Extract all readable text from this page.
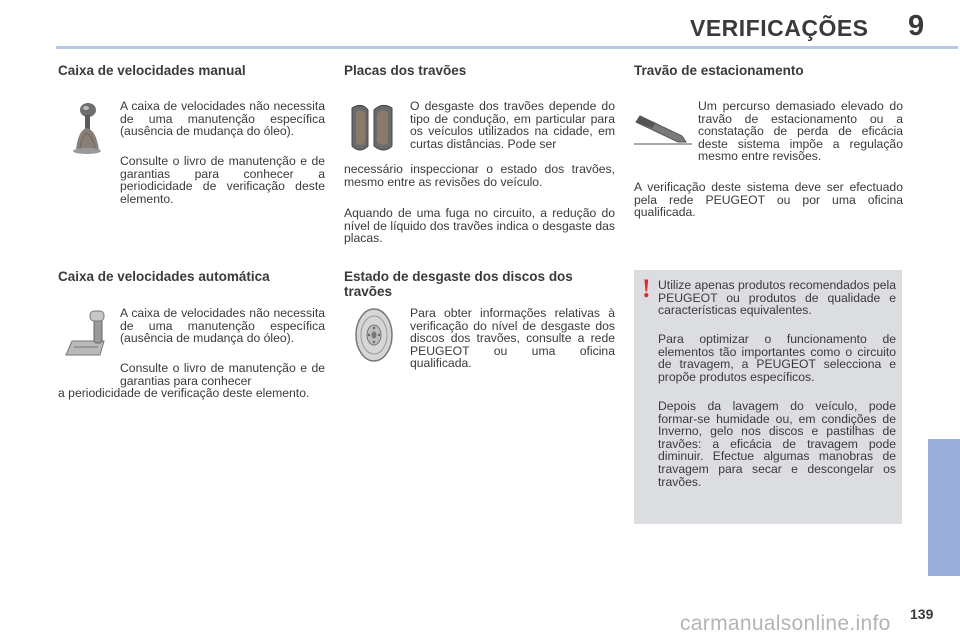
VERIFICAÇÕES 9
Caixa de velocidades manual

A caixa de velocidades não necessita de uma manutenção específica (ausência de mudança do óleo).

Consulte o livro de manutenção e de garantias para conhecer a periodicidade de verificação deste elemento.

Caixa de velocidades automática

A caixa de velocidades não necessita de uma manutenção específica (ausência de mudança do óleo).

Consulte o livro de manutenção e de garantias para conhecer

a periodicidade de verificação deste elemento.

Placas dos travões

O desgaste dos travões depende do tipo de condução, em particular para os veículos utilizados na cidade, em curtas distâncias. Pode ser

necessário inspeccionar o estado dos travões, mesmo entre as revisões do veículo.

Aquando de uma fuga no circuito, a redução do nível de líquido dos travões indica o desgaste das placas.

Estado de desgaste dos discos dos travões

Para obter informações relativas à verificação do nível de desgaste dos discos dos travões, consulte a rede PEUGEOT ou uma oficina qualificada.

Travão de estacionamento

Um percurso demasiado elevado do travão de estacionamento ou a constatação de perda de eficácia deste sistema impõe a regulação mesmo entre revisões.

A verificação deste sistema deve ser efectuado pela rede PEUGEOT ou por uma oficina qualificada.

! Utilize apenas produtos recomendados pela PEUGEOT ou produtos de qualidade e características equivalentes.

Para optimizar o funcionamento de elementos tão importantes como o circuito de travagem, a PEUGEOT selecciona e propõe produtos específicos.

Depois da lavagem do veículo, pode formar-se humidade ou, em condições de Inverno, gelo nos discos e pastilhas de travões: a eficácia de travagem pode diminuir. Efectue algumas manobras de travagem para secar e descongelar os travões.

139
carmanualsonline.info
